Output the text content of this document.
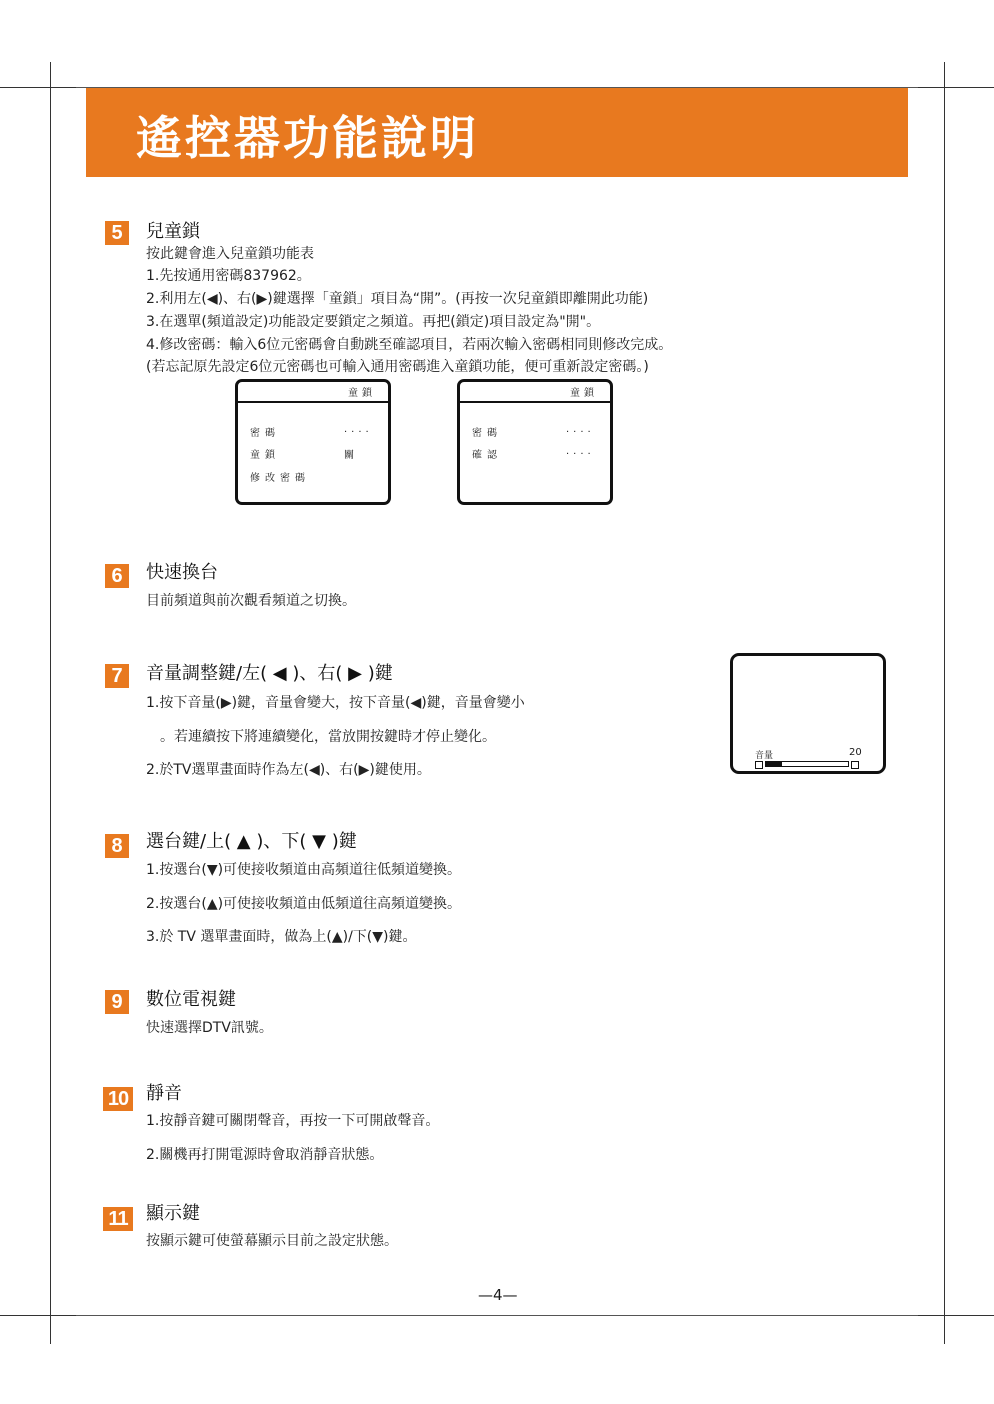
遙控器功能說明
5	兒童鎖
按此鍵會進入兒童鎖功能表
1.先按通用密碼837962。
2.利用左(◀)、右(▶)鍵選擇「童鎖」項目為“開”。(再按一次兒童鎖即離開此功能)
3.在選單(頻道設定)功能設定要鎖定之頻道。再把(鎖定)項目設定為"開"。
4.修改密碼：輸入6位元密碼會自動跳至確認項目，若兩次輸入密碼相同則修改完成。
(若忘記原先設定6位元密碼也可輸入通用密碼進入童鎖功能，便可重新設定密碼。)
童鎖
密碼	....
童鎖	關
修改密碼
童鎖
密碼	....
確認	....
6	快速換台
目前頻道與前次觀看頻道之切換。
7	音量調整鍵/左( ◀ )、右( ▶ )鍵
1.按下音量(▶)鍵，音量會變大，按下音量(◀)鍵，音量會變小
。若連續按下將連續變化，當放開按鍵時才停止變化。
2.於TV選單畫面時作為左(◀)、右(▶)鍵使用。
音量	20
8	選台鍵/上( ▲ )、下( ▼ )鍵
1.按選台(▼)可使接收頻道由高頻道往低頻道變換。
2.按選台(▲)可使接收頻道由低頻道往高頻道變換。
3.於 TV 選單畫面時，做為上(▲)/下(▼)鍵。
9	數位電視鍵
快速選擇DTV訊號。
10 靜音
1.按靜音鍵可關閉聲音，再按一下可開啟聲音。
2.關機再打開電源時會取消靜音狀態。
11	顯示鍵
按顯示鍵可使螢幕顯示目前之設定狀態。
—4—
